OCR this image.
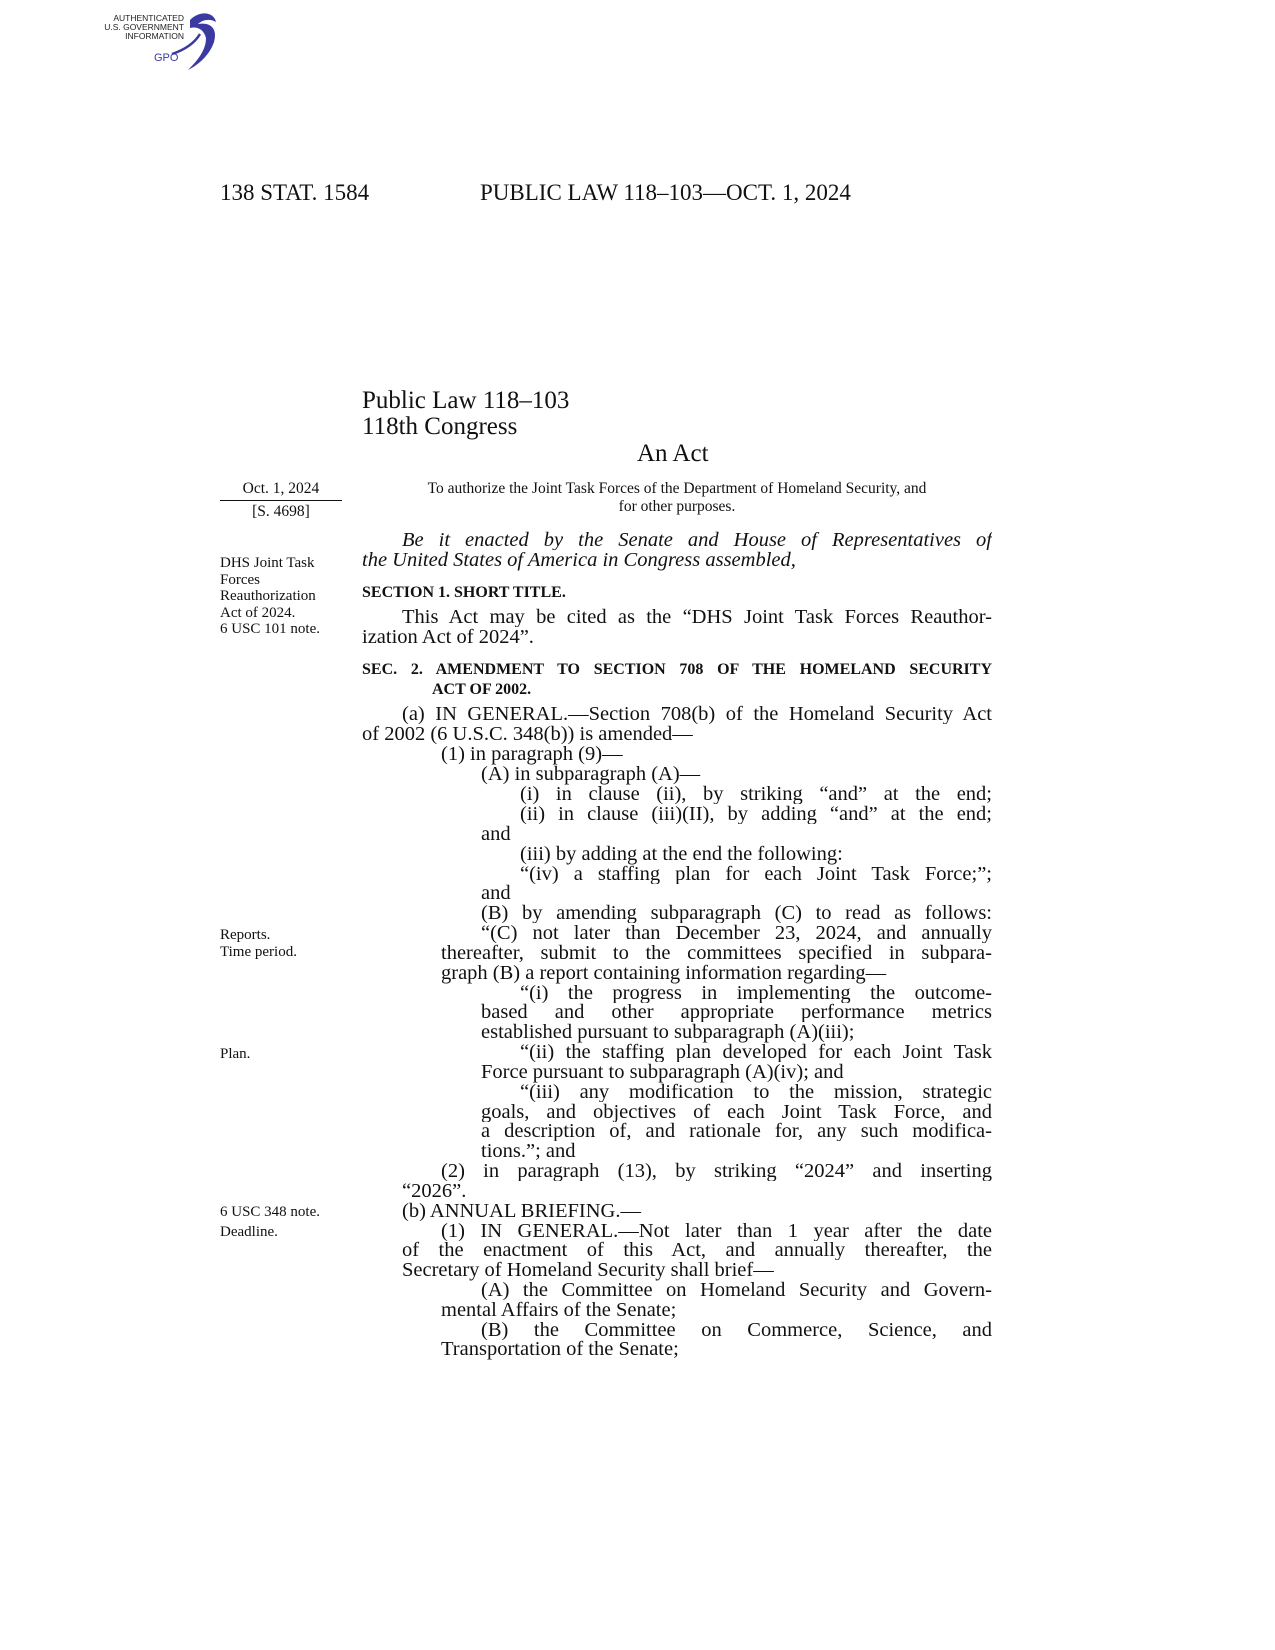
AUTHENTICATED
U.S. GOVERNMENT
INFORMATION
GPO
138 STAT. 1584	PUBLIC LAW 118–103—OCT. 1, 2024
Public Law 118–103
118th Congress
An Act
Oct. 1, 2024
[S. 4698]
To authorize the Joint Task Forces of the Department of Homeland Security, and
for other purposes.
DHS Joint Task
Forces
Reauthorization
Act of 2024.
6 USC 101 note.
Reports.
Time period.
Plan.
6 USC 348 note.
Deadline.
Be it enacted by the Senate and House of Representatives of
the United States of America in Congress assembled,
SECTION 1. SHORT TITLE.
This Act may be cited as the “DHS Joint Task Forces Reauthor-
ization Act of 2024”.
SEC. 2. AMENDMENT TO SECTION 708 OF THE HOMELAND SECURITY
ACT OF 2002.
(a) IN GENERAL.—Section 708(b) of the Homeland Security Act
of 2002 (6 U.S.C. 348(b)) is amended—
(1) in paragraph (9)—
(A) in subparagraph (A)—
(i) in clause (ii), by striking “and” at the end;
(ii) in clause (iii)(II), by adding “and” at the end;
and
(iii) by adding at the end the following:
“(iv) a staffing plan for each Joint Task Force;”;
and
(B) by amending subparagraph (C) to read as follows:
“(C) not later than December 23, 2024, and annually
thereafter, submit to the committees specified in subpara-
graph (B) a report containing information regarding—
“(i) the progress in implementing the outcome-
based and other appropriate performance metrics
established pursuant to subparagraph (A)(iii);
“(ii) the staffing plan developed for each Joint Task
Force pursuant to subparagraph (A)(iv); and
“(iii) any modification to the mission, strategic
goals, and objectives of each Joint Task Force, and
a description of, and rationale for, any such modifica-
tions.”; and
(2) in paragraph (13), by striking “2024” and inserting
“2026”.
(b) ANNUAL BRIEFING.—
(1) IN GENERAL.—Not later than 1 year after the date
of the enactment of this Act, and annually thereafter, the
Secretary of Homeland Security shall brief—
(A) the Committee on Homeland Security and Govern-
mental Affairs of the Senate;
(B) the Committee on Commerce, Science, and
Transportation of the Senate;
